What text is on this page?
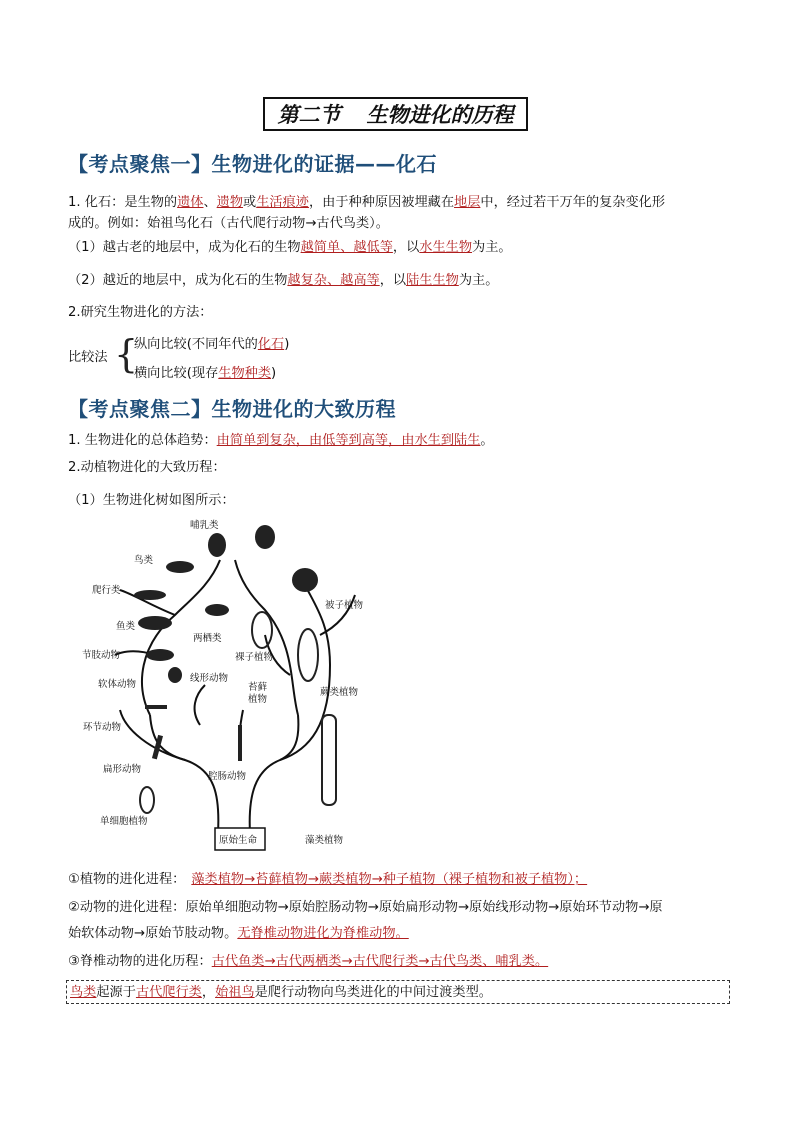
第二节 生物进化的历程
【考点聚焦一】生物进化的证据——化石
1. 化石：是生物的遗体、遗物或生活痕迹，由于种种原因被埋藏在地层中，经过若干万年的复杂变化形
成的。例如：始祖鸟化石（古代爬行动物→古代鸟类）。
（1）越古老的地层中，成为化石的生物越简单、越低等，以水生生物为主。
（2）越近的地层中，成为化石的生物越复杂、越高等，以陆生生物为主。
2.研究生物进化的方法：
比较法 {
纵向比较(不同年代的化石)
横向比较(现存生物种类)
【考点聚焦二】生物进化的大致历程
1. 生物进化的总体趋势：由简单到复杂，由低等到高等，由水生到陆生。
2.动植物进化的大致历程：
（1）生物进化树如图所示：
哺乳类
鸟类
爬行类
鱼类
两栖类
节肢动物
软体动物
线形动物
环节动物
扁形动物
单细胞植物
腔肠动物
原始生命
被子植物
裸子植物
蕨类植物
苔藓
植物
藻类植物
①植物的进化进程： 藻类植物→苔藓植物→蕨类植物→种子植物（裸子植物和被子植物）；
②动物的进化进程：原始单细胞动物→原始腔肠动物→原始扁形动物→原始线形动物→原始环节动物→原
始软体动物→原始节肢动物。无脊椎动物进化为脊椎动物。
③脊椎动物的进化历程：古代鱼类→古代两栖类→古代爬行类→古代鸟类、哺乳类。
鸟类起源于古代爬行类，始祖鸟是爬行动物向鸟类进化的中间过渡类型。
